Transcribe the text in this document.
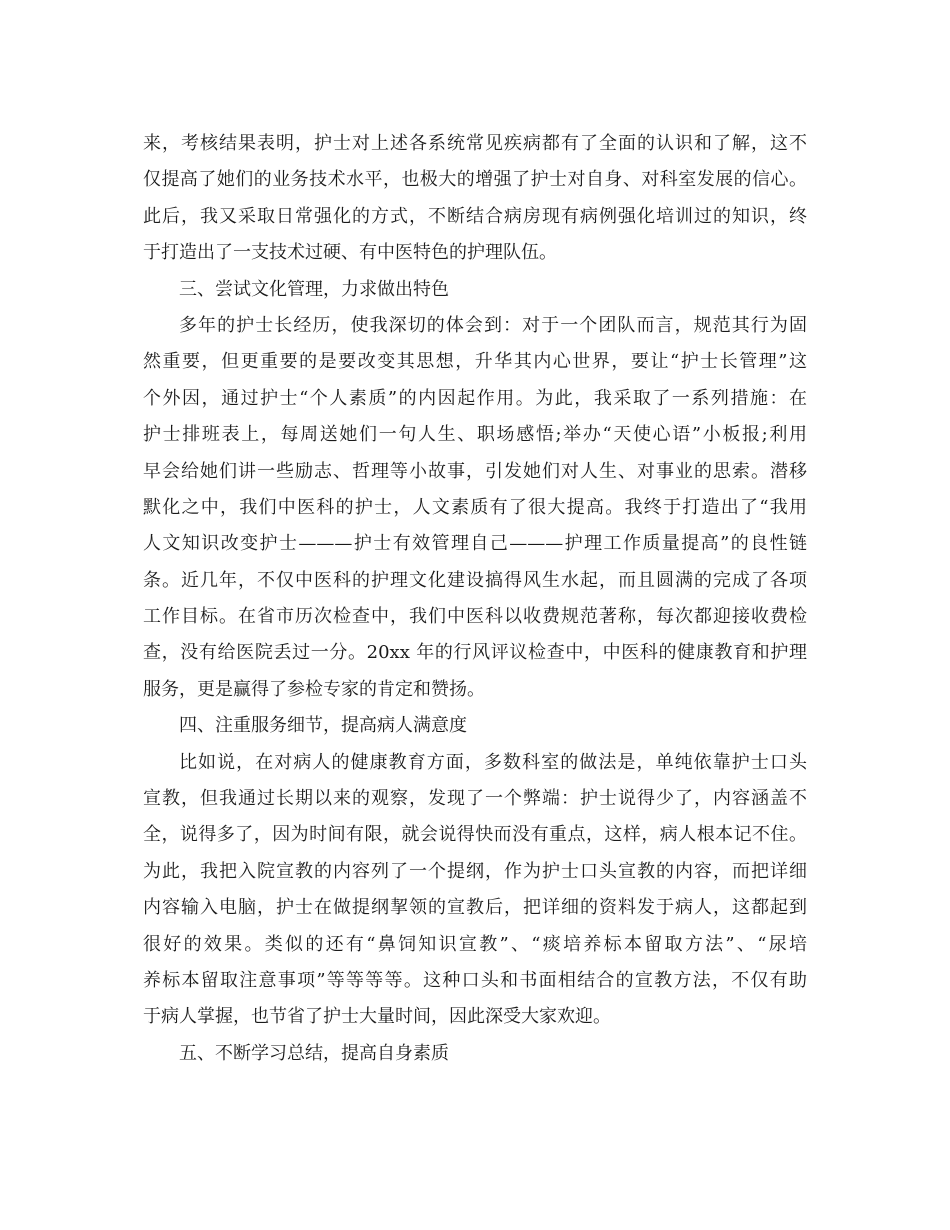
来，考核结果表明，护士对上述各系统常见疾病都有了全面的认识和了解，这不
仅提高了她们的业务技术水平，也极大的增强了护士对自身、对科室发展的信心。
此后，我又采取日常强化的方式，不断结合病房现有病例强化培训过的知识，终
于打造出了一支技术过硬、有中医特色的护理队伍。
三、尝试文化管理，力求做出特色
多年的护士长经历，使我深切的体会到：对于一个团队而言，规范其行为固
然重要，但更重要的是要改变其思想，升华其内心世界，要让“护士长管理”这
个外因，通过护士“个人素质”的内因起作用。为此，我采取了一系列措施：在
护士排班表上，每周送她们一句人生、职场感悟;举办“天使心语”小板报;利用
早会给她们讲一些励志、哲理等小故事，引发她们对人生、对事业的思索。潜移
默化之中，我们中医科的护士，人文素质有了很大提高。我终于打造出了“我用
人文知识改变护士———护士有效管理自己———护理工作质量提高”的良性链
条。近几年，不仅中医科的护理文化建设搞得风生水起，而且圆满的完成了各项
工作目标。在省市历次检查中，我们中医科以收费规范著称，每次都迎接收费检
查，没有给医院丢过一分。20xx 年的行风评议检查中，中医科的健康教育和护理
服务，更是赢得了参检专家的肯定和赞扬。
四、注重服务细节，提高病人满意度
比如说，在对病人的健康教育方面，多数科室的做法是，单纯依靠护士口头
宣教，但我通过长期以来的观察，发现了一个弊端：护士说得少了，内容涵盖不
全，说得多了，因为时间有限，就会说得快而没有重点，这样，病人根本记不住。
为此，我把入院宣教的内容列了一个提纲，作为护士口头宣教的内容，而把详细
内容输入电脑，护士在做提纲挈领的宣教后，把详细的资料发于病人，这都起到
很好的效果。类似的还有“鼻饲知识宣教”、“痰培养标本留取方法”、“尿培
养标本留取注意事项”等等等等。这种口头和书面相结合的宣教方法，不仅有助
于病人掌握，也节省了护士大量时间，因此深受大家欢迎。
五、不断学习总结，提高自身素质
